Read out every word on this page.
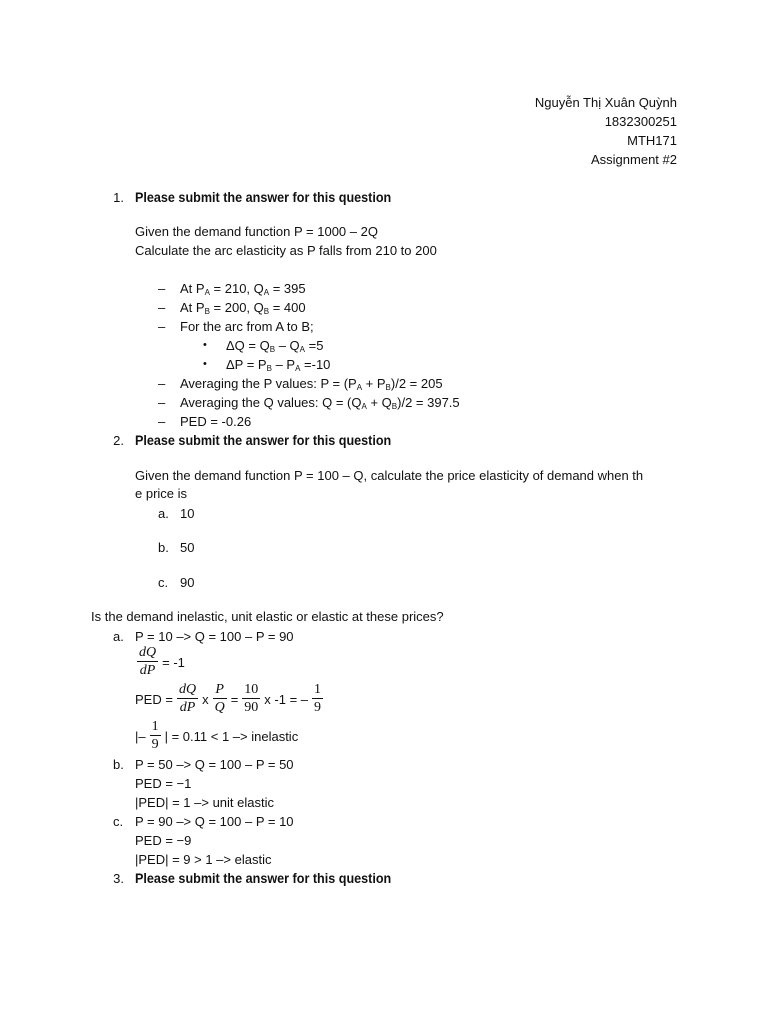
Nguyễn Thị Xuân Quỳnh
1832300251
MTH171
Assignment #2
1. Please submit the answer for this question
Given the demand function P = 1000 – 2Q
Calculate the arc elasticity as P falls from 210 to 200
–	At $P_A = 210$, $Q_A = 395$
–	At $P_B = 200$, $Q_B = 400$
–	For the arc from A to B;
• $\Delta Q = Q_B - Q_A =5$
• $\Delta P = P_B - P_A =-10$
–	Averaging the P values: $P = (P_A + P_B)/2 = 205$
–	Averaging the Q values: $Q = (Q_A + Q_B)/2 = 397.5$
–	PED = -0.26
2. Please submit the answer for this question
Given the demand function P = 100 – Q, calculate the price elasticity of demand when th
e price is
a. 10
b. 50
c. 90
Is the demand inelastic, unit elastic or elastic at these prices?
a. P = 10 –> Q = 100 – P = 90
$\frac{dQ}{dP} = -1$
PED = $\frac{dQ}{dP}$ x $\frac{P}{Q} = \frac{10}{90}$ x -1 = – $\frac{1}{9}$
|– $\frac{1}{9}$ | = 0.11 < 1 –> inelastic
b. P = 50 –> Q = 100 – P = 50
PED = −1
|PED| = 1 –> unit elastic
c. P = 90 –> Q = 100 – P = 10
PED = −9
|PED| = 9 > 1 –> elastic
3. Please submit the answer for this question
